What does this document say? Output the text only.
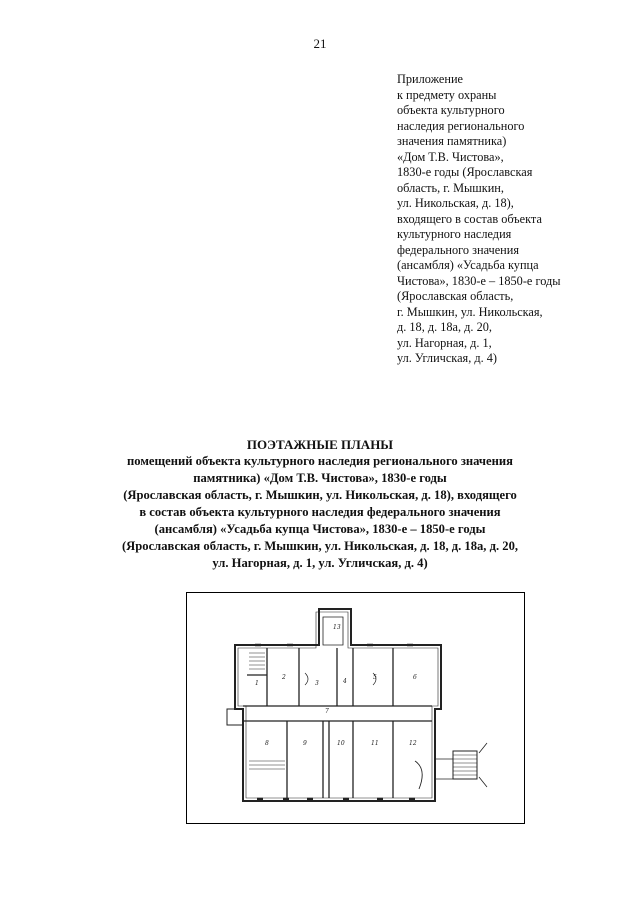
21
Приложение
к предмету охраны
объекта культурного
наследия регионального
значения памятника)
«Дом Т.В. Чистова»,
1830-е годы (Ярославская
область, г. Мышкин,
ул. Никольская, д. 18),
входящего в состав объекта
культурного наследия
федерального значения
(ансамбля) «Усадьба купца
Чистова», 1830-е – 1850-е годы
(Ярославская область,
г. Мышкин, ул. Никольская,
д. 18, д. 18а, д. 20,
ул. Нагорная, д. 1,
ул. Угличская, д. 4)
ПОЭТАЖНЫЕ ПЛАНЫ
помещений объекта культурного наследия регионального значения
памятника) «Дом Т.В. Чистова», 1830-е годы
(Ярославская область, г. Мышкин, ул. Никольская, д. 18), входящего
в состав объекта культурного наследия федерального значения
(ансамбля) «Усадьба купца Чистова», 1830-е – 1850-е годы
(Ярославская область, г. Мышкин, ул. Никольская, д. 18, д. 18а, д. 20,
ул. Нагорная, д. 1, ул. Угличская, д. 4)
1
2
3	4
5	6
7
8	9	10	11	12
13
